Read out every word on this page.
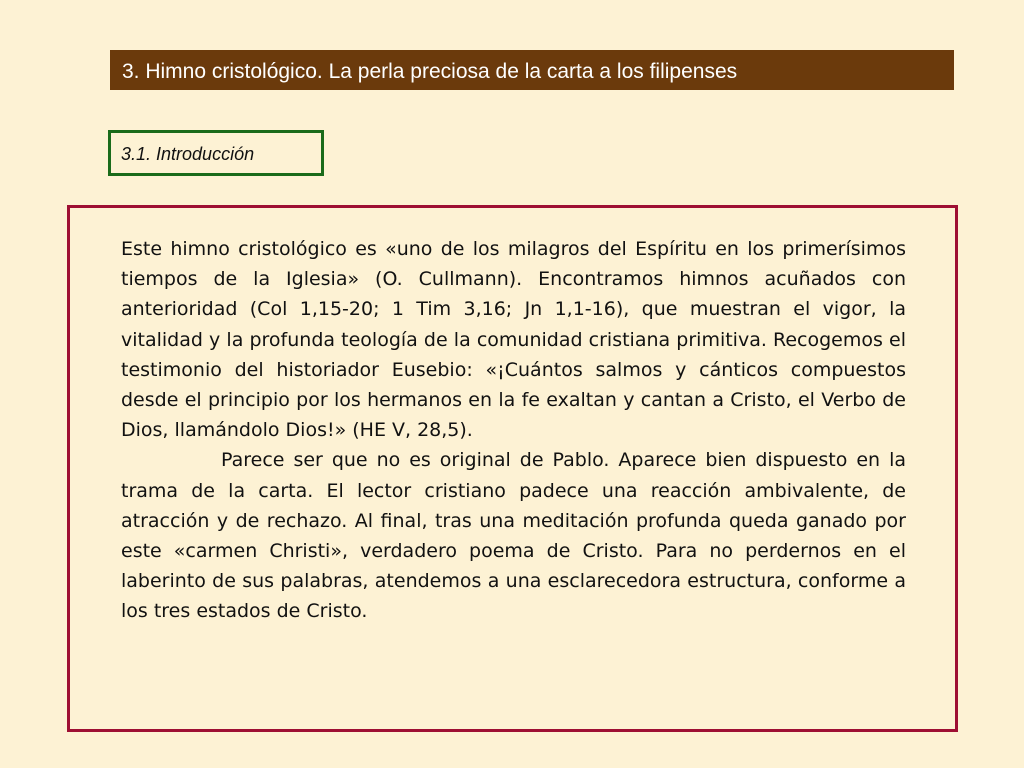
3. Himno cristológico. La perla preciosa de la carta a los filipenses
3.1. Introducción

Este himno cristológico es «uno de los milagros del Espíritu en los primerísimos tiempos de la Iglesia» (O. Cullmann). Encontramos himnos acuñados con anterioridad (Col 1,15-20; 1 Tim 3,16; Jn 1,1-16), que muestran el vigor, la vitalidad y la profunda teología de la comunidad cristiana primitiva. Recogemos el testimonio del historiador Eusebio: «¡Cuántos salmos y cánticos compuestos desde el principio por los hermanos en la fe exaltan y cantan a Cristo, el Verbo de Dios, llamándolo Dios!» (HE V, 28,5).

Parece ser que no es original de Pablo. Aparece bien dispuesto en la trama de la carta. El lector cristiano padece una reacción ambivalente, de atracción y de rechazo. Al final, tras una meditación profunda queda ganado por este «carmen Christi», verdadero poema de Cristo. Para no perdernos en el laberinto de sus palabras, atendemos a una esclarecedora estructura, conforme a los tres estados de Cristo.
